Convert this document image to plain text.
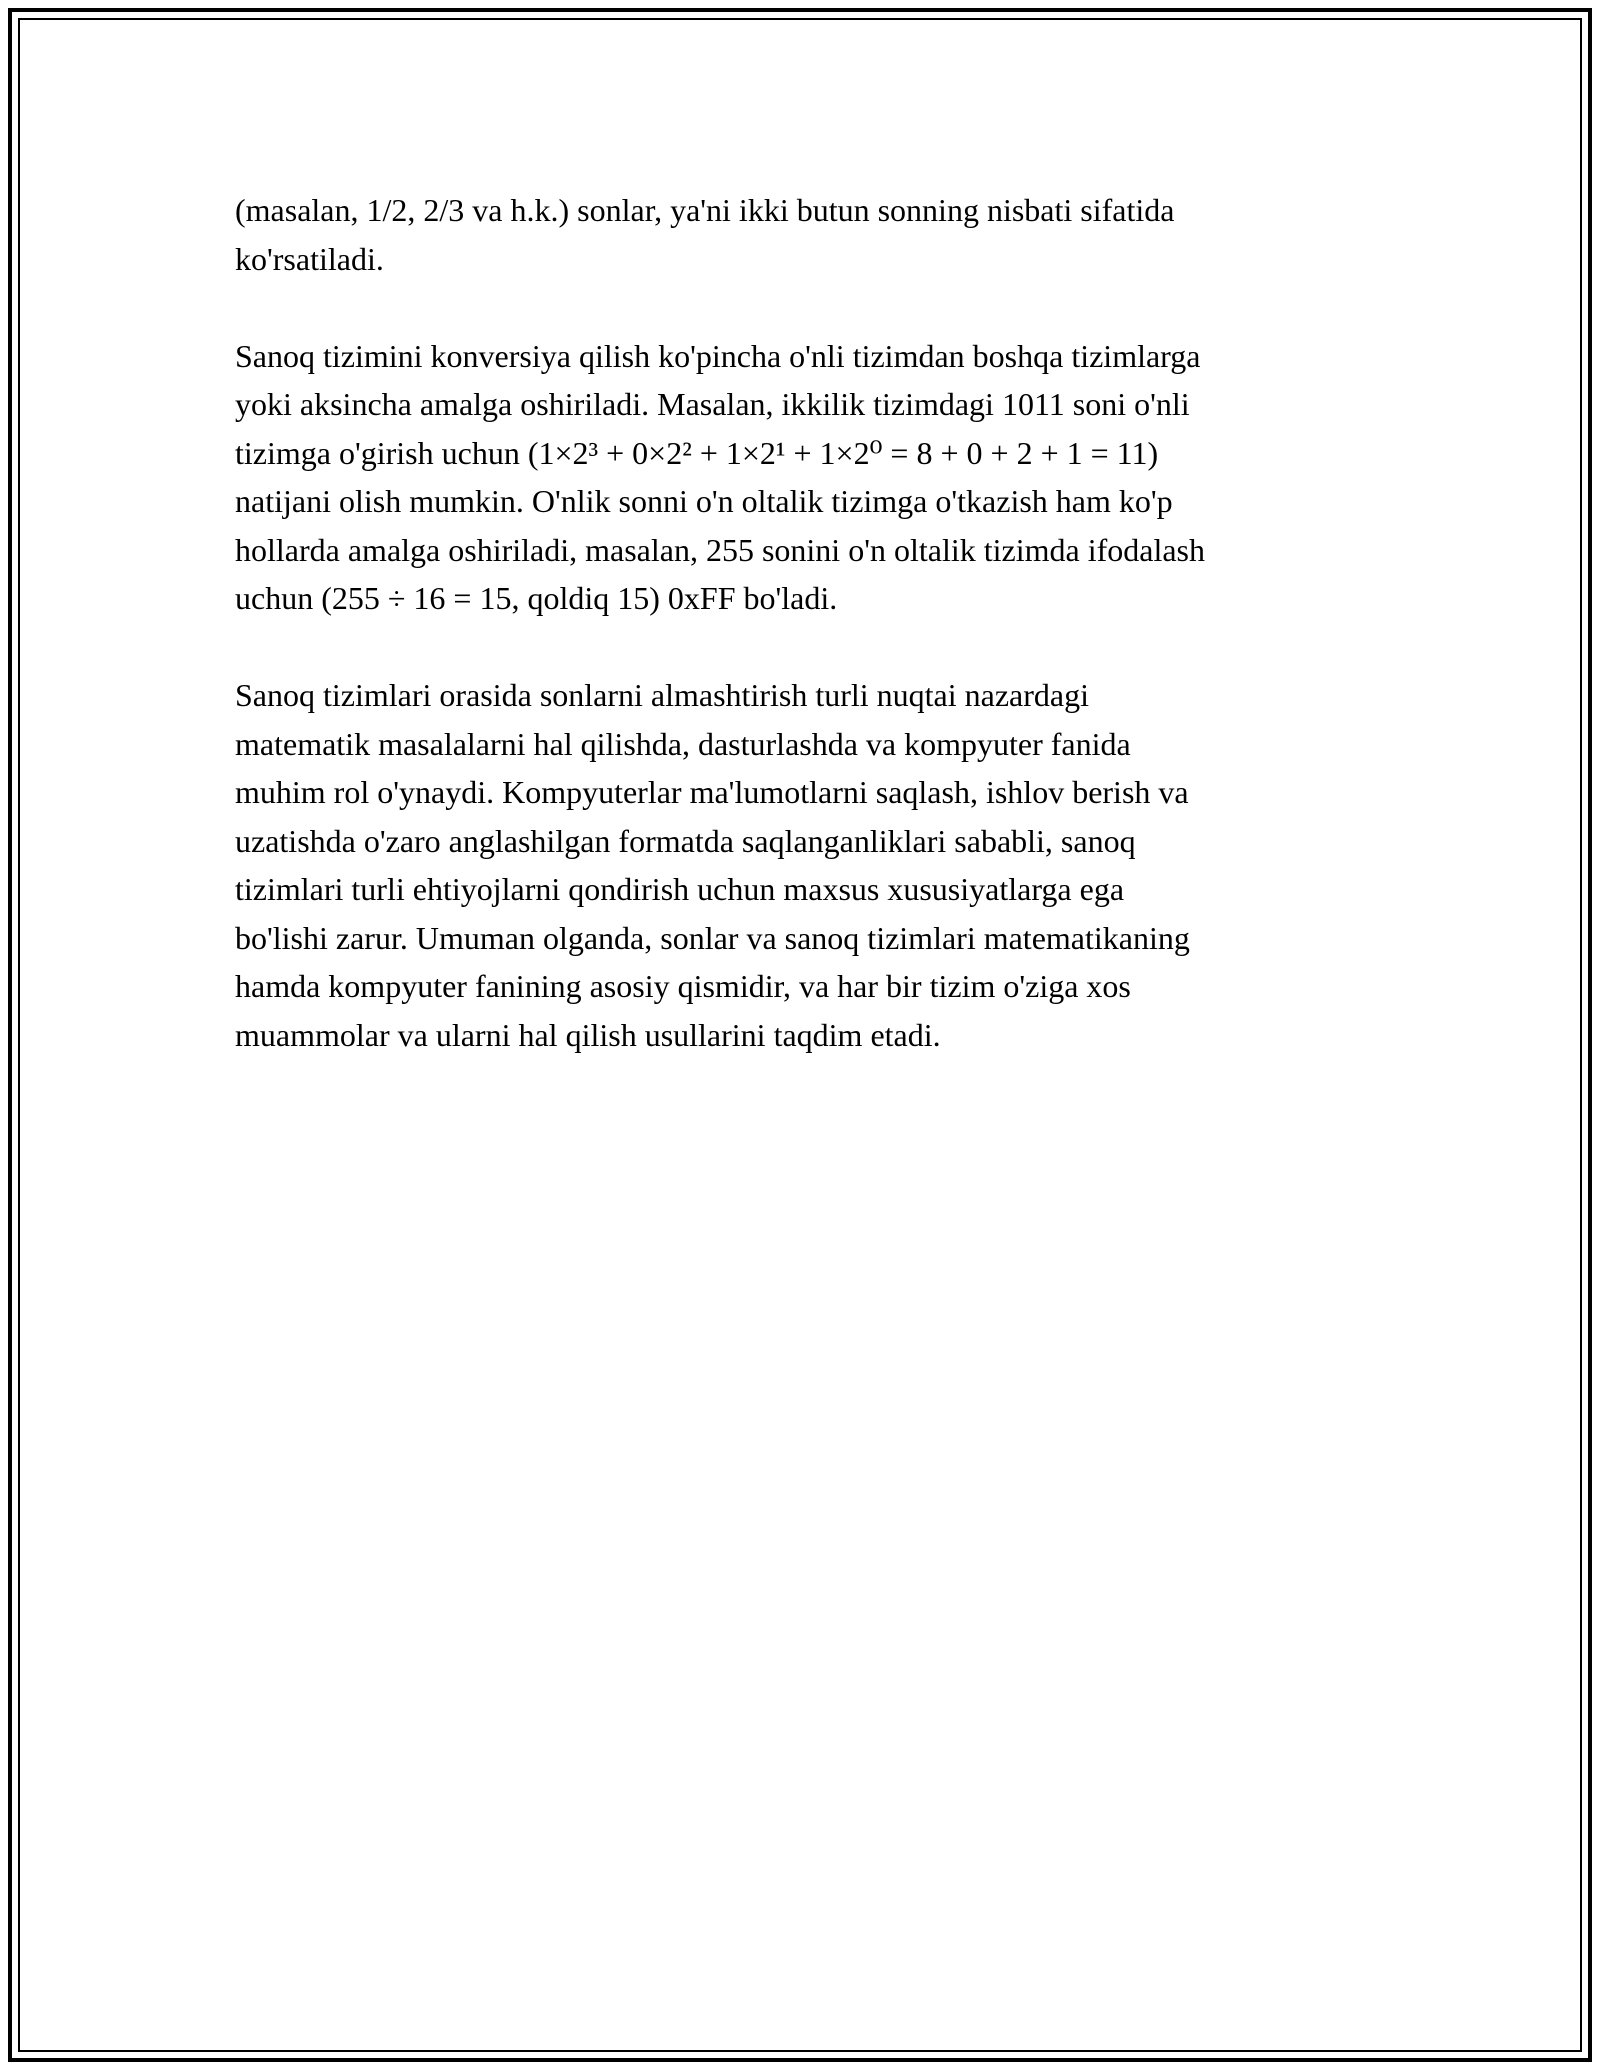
(masalan, 1/2, 2/3 va h.k.) sonlar, ya'ni ikki butun sonning nisbati sifatida
ko'rsatiladi.

Sanoq tizimini konversiya qilish ko'pincha o'nli tizimdan boshqa tizimlarga
yoki aksincha amalga oshiriladi. Masalan, ikkilik tizimdagi 1011 soni o'nli
tizimga o'girish uchun (1×2³ + 0×2² + 1×2¹ + 1×2⁰ = 8 + 0 + 2 + 1 = 11)
natijani olish mumkin. O'nlik sonni o'n oltalik tizimga o'tkazish ham ko'p
hollarda amalga oshiriladi, masalan, 255 sonini o'n oltalik tizimda ifodalash
uchun (255 ÷ 16 = 15, qoldiq 15) 0xFF bo'ladi.

Sanoq tizimlari orasida sonlarni almashtirish turli nuqtai nazardagi
matematik masalalarni hal qilishda, dasturlashda va kompyuter fanida
muhim rol o'ynaydi. Kompyuterlar ma'lumotlarni saqlash, ishlov berish va
uzatishda o'zaro anglashilgan formatda saqlanganliklari sababli, sanoq
tizimlari turli ehtiyojlarni qondirish uchun maxsus xususiyatlarga ega
bo'lishi zarur. Umuman olganda, sonlar va sanoq tizimlari matematikaning
hamda kompyuter fanining asosiy qismidir, va har bir tizim o'ziga xos
muammolar va ularni hal qilish usullarini taqdim etadi.
